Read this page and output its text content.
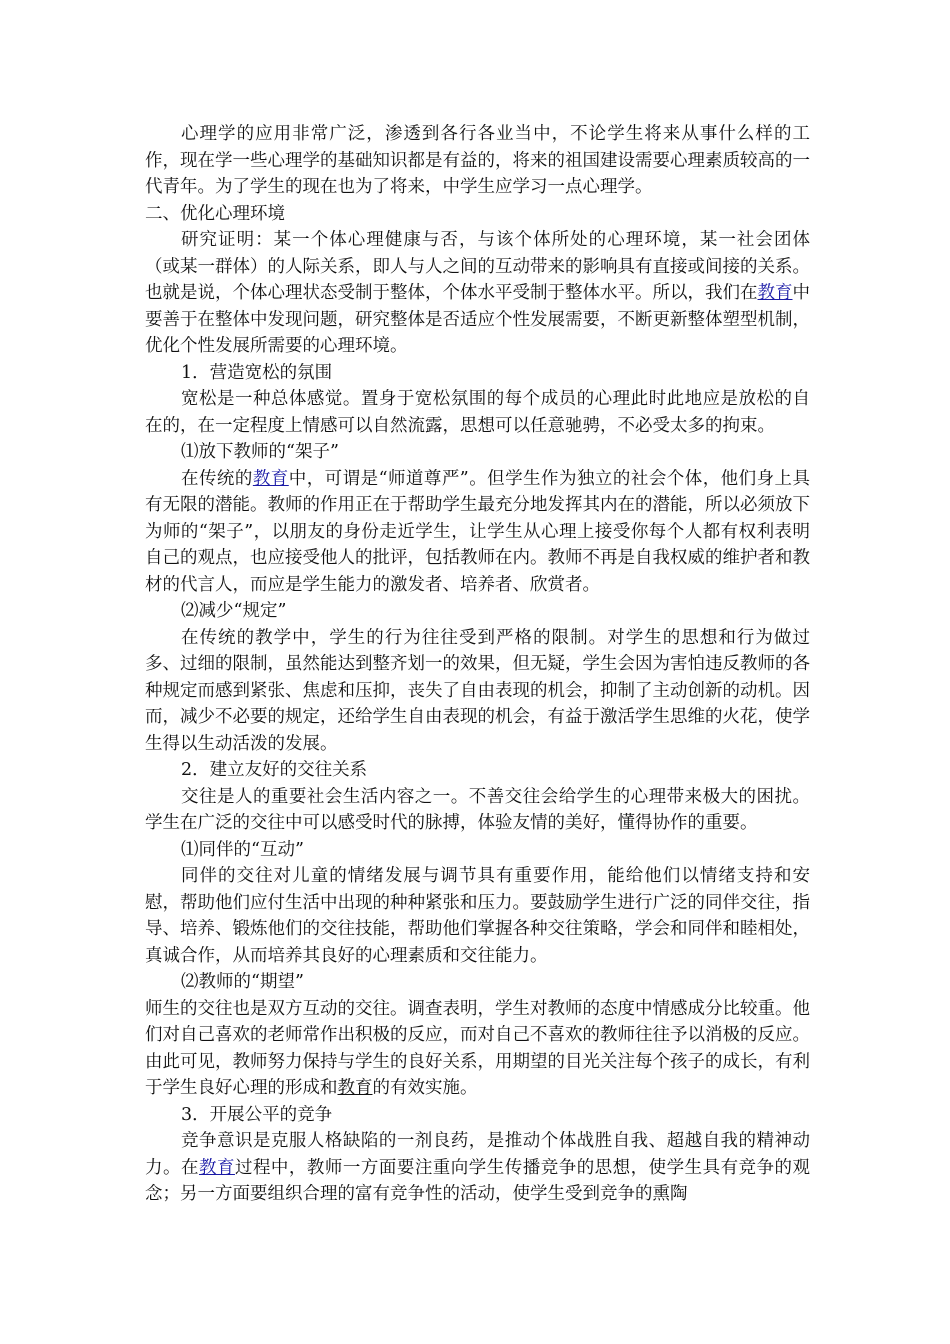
心理学的应用非常广泛，渗透到各行各业当中，不论学生将来从事什么样的工作，现在学一些心理学的基础知识都是有益的，将来的祖国建设需要心理素质较高的一代青年。为了学生的现在也为了将来，中学生应学习一点心理学。

二、优化心理环境

研究证明：某一个体心理健康与否，与该个体所处的心理环境，某一社会团体（或某一群体）的人际关系，即人与人之间的互动带来的影响具有直接或间接的关系。也就是说，个体心理状态受制于整体，个体水平受制于整体水平。所以，我们在教育中要善于在整体中发现问题，研究整体是否适应个性发展需要，不断更新整体塑型机制，优化个性发展所需要的心理环境。

1．营造宽松的氛围

宽松是一种总体感觉。置身于宽松氛围的每个成员的心理此时此地应是放松的自在的，在一定程度上情感可以自然流露，思想可以任意驰骋，不必受太多的拘束。

⑴放下教师的“架子”

在传统的教育中，可谓是“师道尊严”。但学生作为独立的社会个体，他们身上具有无限的潜能。教师的作用正在于帮助学生最充分地发挥其内在的潜能，所以必须放下为师的“架子”，以朋友的身份走近学生，让学生从心理上接受你每个人都有权利表明自己的观点，也应接受他人的批评，包括教师在内。教师不再是自我权威的维护者和教材的代言人，而应是学生能力的激发者、培养者、欣赏者。

⑵减少“规定”

在传统的教学中，学生的行为往往受到严格的限制。对学生的思想和行为做过多、过细的限制，虽然能达到整齐划一的效果，但无疑，学生会因为害怕违反教师的各种规定而感到紧张、焦虑和压抑，丧失了自由表现的机会，抑制了主动创新的动机。因而，减少不必要的规定，还给学生自由表现的机会，有益于激活学生思维的火花，使学生得以生动活泼的发展。

2．建立友好的交往关系

交往是人的重要社会生活内容之一。不善交往会给学生的心理带来极大的困扰。学生在广泛的交往中可以感受时代的脉搏，体验友情的美好，懂得协作的重要。

⑴同伴的“互动”

同伴的交往对儿童的情绪发展与调节具有重要作用，能给他们以情绪支持和安慰，帮助他们应付生活中出现的种种紧张和压力。要鼓励学生进行广泛的同伴交往，指导、培养、锻炼他们的交往技能，帮助他们掌握各种交往策略，学会和同伴和睦相处，真诚合作，从而培养其良好的心理素质和交往能力。

⑵教师的“期望”

师生的交往也是双方互动的交往。调查表明，学生对教师的态度中情感成分比较重。他们对自己喜欢的老师常作出积极的反应，而对自己不喜欢的教师往往予以消极的反应。由此可见，教师努力保持与学生的良好关系，用期望的目光关注每个孩子的成长，有利于学生良好心理的形成和教育的有效实施。

3．开展公平的竞争

竞争意识是克服人格缺陷的一剂良药，是推动个体战胜自我、超越自我的精神动力。在教育过程中，教师一方面要注重向学生传播竞争的思想，使学生具有竞争的观念；另一方面要组织合理的富有竞争性的活动，使学生受到竞争的熏陶
